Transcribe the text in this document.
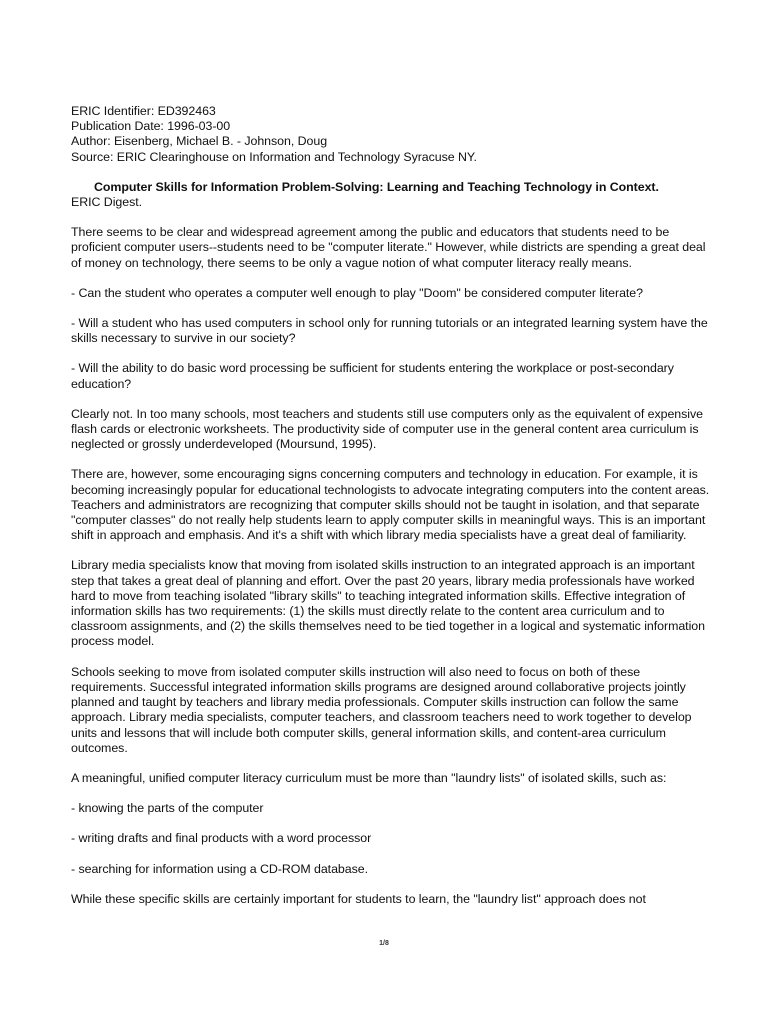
ERIC Identifier: ED392463

Publication Date: 1996-03-00

Author: Eisenberg, Michael B. - Johnson, Doug

Source: ERIC Clearinghouse on Information and Technology Syracuse NY.

Computer Skills for Information Problem-Solving: Learning and Teaching Technology in Context.

ERIC Digest.

There seems to be clear and widespread agreement among the public and educators that students need to be proficient computer users--students need to be "computer literate." However, while districts are spending a great deal of money on technology, there seems to be only a vague notion of what computer literacy really means.

- Can the student who operates a computer well enough to play "Doom" be considered computer literate?

- Will a student who has used computers in school only for running tutorials or an integrated learning system have the skills necessary to survive in our society?

- Will the ability to do basic word processing be sufficient for students entering the workplace or post-secondary education?

Clearly not. In too many schools, most teachers and students still use computers only as the equivalent of expensive flash cards or electronic worksheets. The productivity side of computer use in the general content area curriculum is neglected or grossly underdeveloped (Moursund, 1995).

There are, however, some encouraging signs concerning computers and technology in education. For example, it is becoming increasingly popular for educational technologists to advocate integrating computers into the content areas. Teachers and administrators are recognizing that computer skills should not be taught in isolation, and that separate "computer classes" do not really help students learn to apply computer skills in meaningful ways. This is an important shift in approach and emphasis. And it's a shift with which library media specialists have a great deal of familiarity.

Library media specialists know that moving from isolated skills instruction to an integrated approach is an important step that takes a great deal of planning and effort. Over the past 20 years, library media professionals have worked hard to move from teaching isolated "library skills" to teaching integrated information skills. Effective integration of information skills has two requirements: (1) the skills must directly relate to the content area curriculum and to classroom assignments, and (2) the skills themselves need to be tied together in a logical and systematic information process model.

Schools seeking to move from isolated computer skills instruction will also need to focus on both of these requirements. Successful integrated information skills programs are designed around collaborative projects jointly planned and taught by teachers and library media professionals. Computer skills instruction can follow the same approach. Library media specialists, computer teachers, and classroom teachers need to work together to develop units and lessons that will include both computer skills, general information skills, and content-area curriculum outcomes.

A meaningful, unified computer literacy curriculum must be more than "laundry lists" of isolated skills, such as:

- knowing the parts of the computer

- writing drafts and final products with a word processor

- searching for information using a CD-ROM database.

While these specific skills are certainly important for students to learn, the "laundry list" approach does not

1/8
